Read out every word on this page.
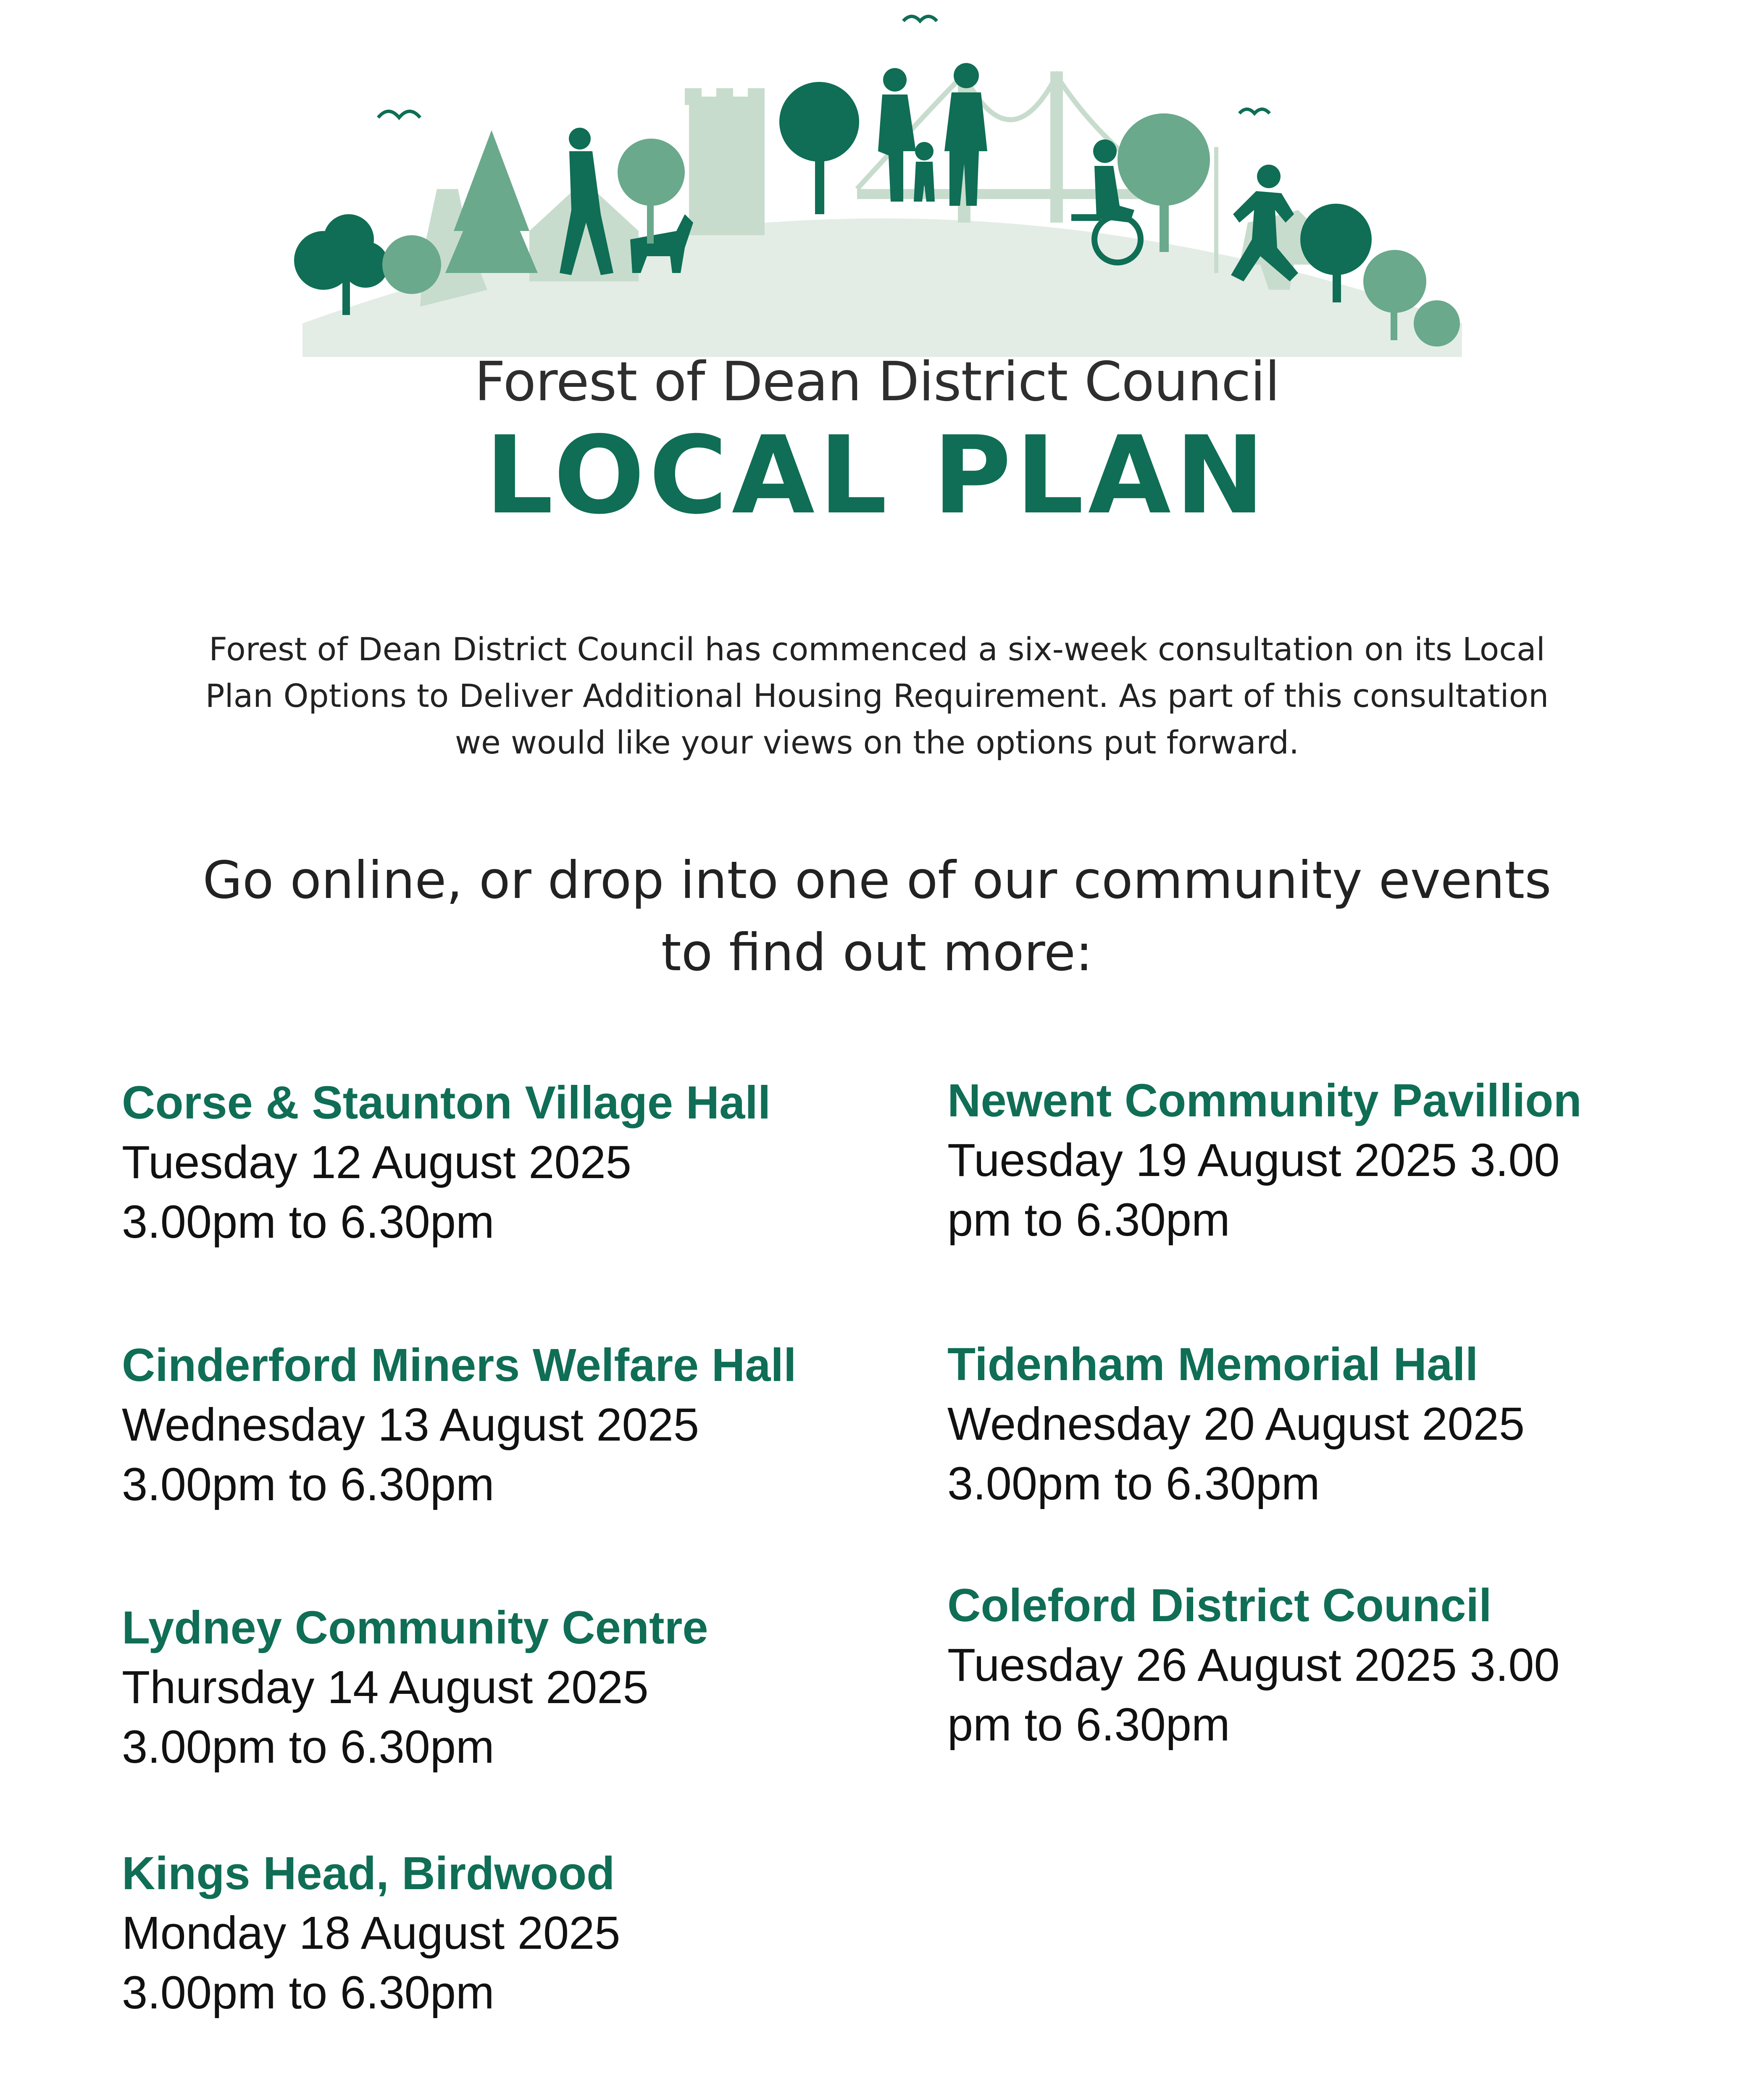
Forest of Dean District Council
LOCAL PLAN
Forest of Dean District Council has commenced a six-week consultation on its Local
Plan Options to Deliver Additional Housing Requirement. As part of this consultation
we would like your views on the options put forward.
Go online, or drop into one of our community events
to find out more:
Corse & Staunton Village Hall
Tuesday 12 August 2025
3.00pm to 6.30pm
Cinderford Miners Welfare Hall
Wednesday 13 August 2025
3.00pm to 6.30pm
Lydney Community Centre
Thursday 14 August 2025
3.00pm to 6.30pm
Kings Head, Birdwood
Monday 18 August 2025
3.00pm to 6.30pm
Newent Community Pavillion
Tuesday 19 August 2025 3.00
pm to 6.30pm
Tidenham Memorial Hall
Wednesday 20 August 2025
3.00pm to 6.30pm
Coleford District Council
Tuesday 26 August 2025 3.00
pm to 6.30pm
